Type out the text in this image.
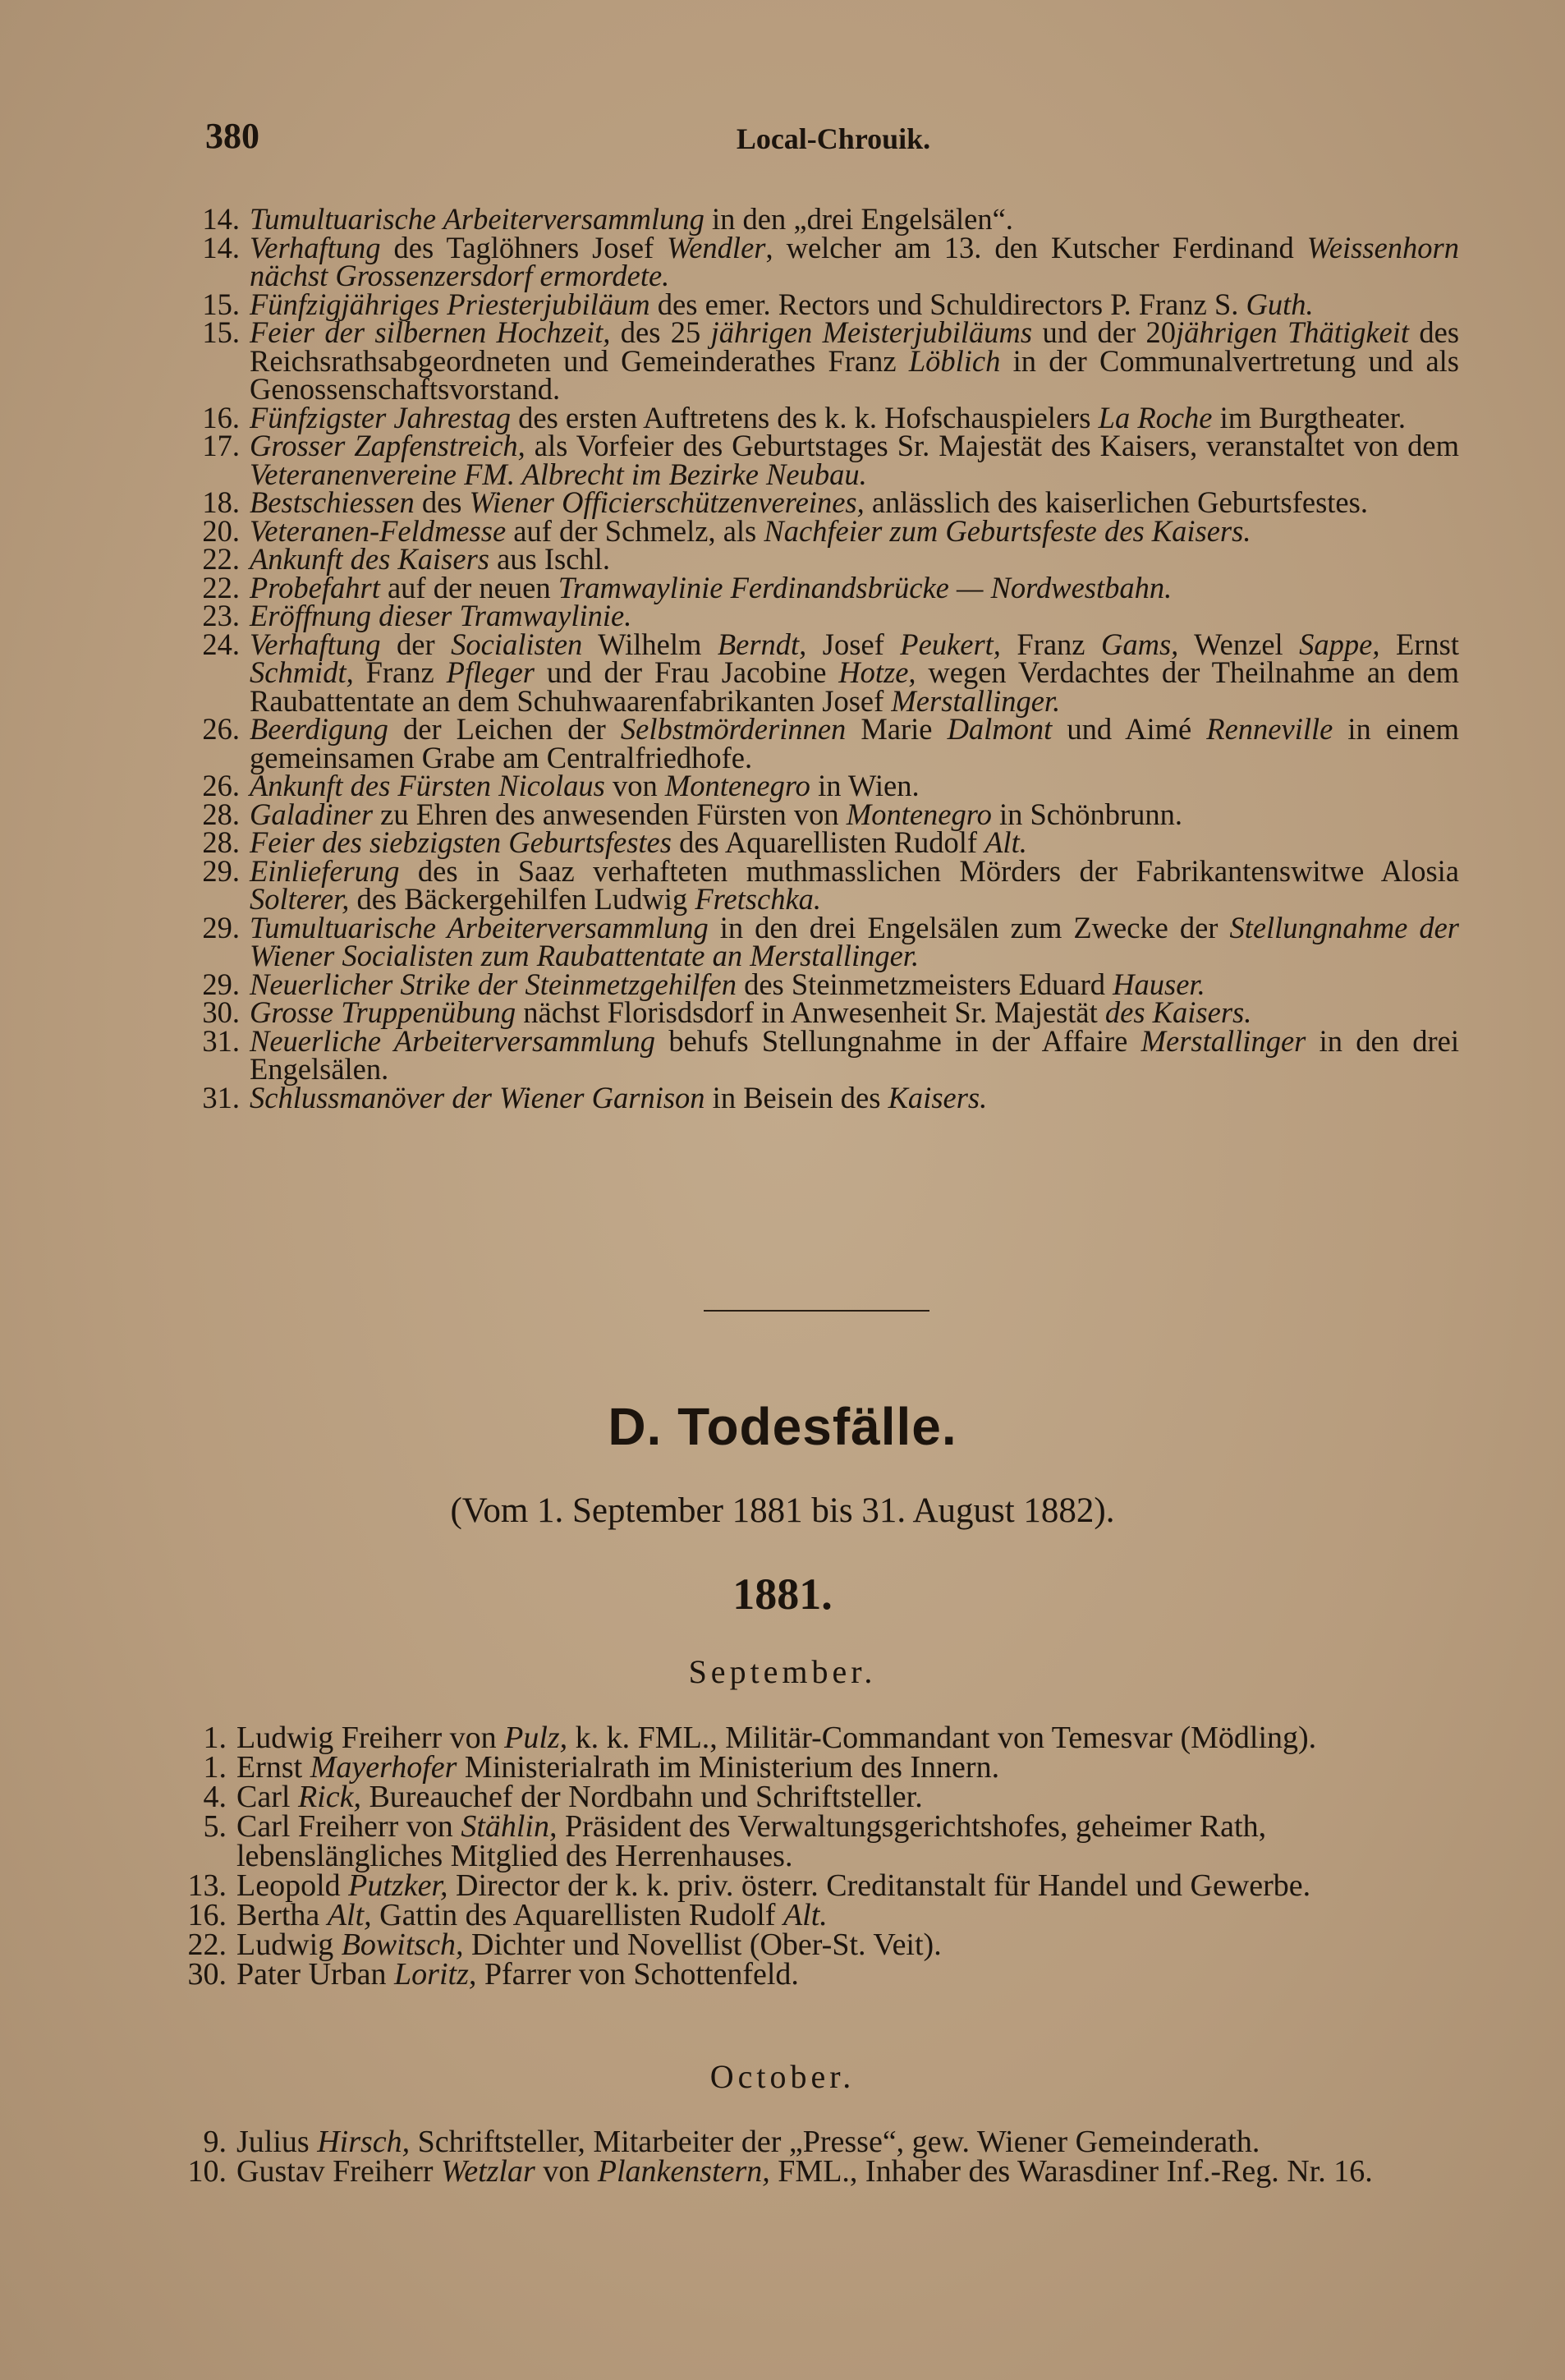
380	Local-Chrouik.

14. Tumultuarische Arbeiterversammlung in den „drei Engelsälen“.

14. Verhaftung des Taglöhners Josef Wendler, welcher am 13. den Kutscher Ferdinand Weissenhorn nächst Grossenzersdorf ermordete.

15. Fünfzigjähriges Priesterjubiläum des emer. Rectors und Schuldirectors P. Franz S. Guth.

15. Feier der silbernen Hochzeit, des 25 jährigen Meisterjubiläums und der 20jährigen Thätigkeit des Reichsrathsabgeordneten und Gemeinderathes Franz Löblich in der Communalvertretung und als Genossenschaftsvorstand.

16. Fünfzigster Jahrestag des ersten Auftretens des k. k. Hofschauspielers La Roche im Burgtheater.

17. Grosser Zapfenstreich, als Vorfeier des Geburtstages Sr. Majestät des Kaisers, veranstaltet von dem Veteranenvereine FM. Albrecht im Bezirke Neubau.

18. Bestschiessen des Wiener Officierschützenvereines, anlässlich des kaiserlichen Geburtsfestes.

20. Veteranen-Feldmesse auf der Schmelz, als Nachfeier zum Geburtsfeste des Kaisers.

22. Ankunft des Kaisers aus Ischl.

22. Probefahrt auf der neuen Tramwaylinie Ferdinandsbrücke — Nordwestbahn.

23. Eröffnung dieser Tramwaylinie.

24. Verhaftung der Socialisten Wilhelm Berndt, Josef Peukert, Franz Gams, Wenzel Sappe, Ernst Schmidt, Franz Pfleger und der Frau Jacobine Hotze, wegen Verdachtes der Theilnahme an dem Raubattentate an dem Schuhwaarenfabrikanten Josef Merstallinger.

26. Beerdigung der Leichen der Selbstmörderinnen Marie Dalmont und Aimé Renneville in einem gemeinsamen Grabe am Centralfriedhofe.

26. Ankunft des Fürsten Nicolaus von Montenegro in Wien.

28. Galadiner zu Ehren des anwesenden Fürsten von Montenegro in Schönbrunn.

28. Feier des siebzigsten Geburtsfestes des Aquarellisten Rudolf Alt.

29. Einlieferung des in Saaz verhafteten muthmasslichen Mörders der Fabrikantenswitwe Alosia Solterer, des Bäckergehilfen Ludwig Fretschka.

29. Tumultuarische Arbeiterversammlung in den drei Engelsälen zum Zwecke der Stellungnahme der Wiener Socialisten zum Raubattentate an Merstallinger.

29. Neuerlicher Strike der Steinmetzgehilfen des Steinmetzmeisters Eduard Hauser.

30. Grosse Truppenübung nächst Florisdsdorf in Anwesenheit Sr. Majestät des Kaisers.

31. Neuerliche Arbeiterversammlung behufs Stellungnahme in der Affaire Merstallinger in den drei Engelsälen.

31. Schlussmanöver der Wiener Garnison in Beisein des Kaisers.

D. Todesfälle.
(Vom 1. September 1881 bis 31. August 1882).
1881.
September.

1. Ludwig Freiherr von Pulz, k. k. FML., Militär-Commandant von Temesvar (Mödling).

1. Ernst Mayerhofer Ministerialrath im Ministerium des Innern.

4. Carl Rick, Bureauchef der Nordbahn und Schriftsteller.

5. Carl Freiherr von Stählin, Präsident des Verwaltungsgerichtshofes, geheimer Rath, lebenslängliches Mitglied des Herrenhauses.

13. Leopold Putzker, Director der k. k. priv. österr. Creditanstalt für Handel und Gewerbe.

16. Bertha Alt, Gattin des Aquarellisten Rudolf Alt.

22. Ludwig Bowitsch, Dichter und Novellist (Ober-St. Veit).

30. Pater Urban Loritz, Pfarrer von Schottenfeld.

October.

9. Julius Hirsch, Schriftsteller, Mitarbeiter der „Presse“, gew. Wiener Gemeinderath.

10. Gustav Freiherr Wetzlar von Plankenstern, FML., Inhaber des Warasdiner Inf.-Reg. Nr. 16.
